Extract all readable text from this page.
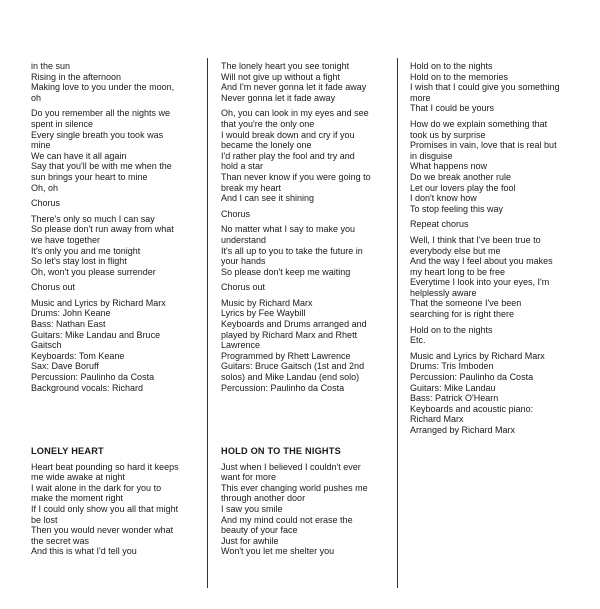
in the sun
Rising in the afternoon
Making love to you under the moon,
oh

Do you remember all the nights we
spent in silence
Every single breath you took was
mine
We can have it all again
Say that you'll be with me when the
sun brings your heart to mine
Oh, oh

Chorus

There's only so much I can say
So please don't run away from what
we have together
It's only you and me tonight
So let's stay lost in flight
Oh, won't you please surrender

Chorus out

Music and Lyrics by Richard Marx
Drums: John Keane
Bass: Nathan East
Guitars: Mike Landau and Bruce
Gaitsch
Keyboards: Tom Keane
Sax: Dave Boruff
Percussion: Paulinho da Costa
Background vocals: Richard

LONELY HEART

Heart beat pounding so hard it keeps
me wide awake at night
I wait alone in the dark for you to
make the moment right
If I could only show you all that might
be lost
Then you would never wonder what
the secret was
And this is what I'd tell you

The lonely heart you see tonight
Will not give up without a fight
And I'm never gonna let it fade away
Never gonna let it fade away

Oh, you can look in my eyes and see
that you're the only one
I would break down and cry if you
became the lonely one
I'd rather play the fool and try and
hold a star
Than never know if you were going to
break my heart
And I can see it shining

Chorus

No matter what I say to make you
understand
It's all up to you to take the future in
your hands
So please don't keep me waiting

Chorus out

Music by Richard Marx
Lyrics by Fee Waybill
Keyboards and Drums arranged and
played by Richard Marx and Rhett
Lawrence
Programmed by Rhett Lawrence
Guitars: Bruce Gaitsch (1st and 2nd
solos) and Mike Landau (end solo)
Percussion: Paulinho da Costa

HOLD ON TO THE NIGHTS

Just when I believed I couldn't ever
want for more
This ever changing world pushes me
through another door
I saw you smile
And my mind could not erase the
beauty of your face
Just for awhile
Won't you let me shelter you

Hold on to the nights
Hold on to the memories
I wish that I could give you something
more
That I could be yours

How do we explain something that
took us by surprise
Promises in vain, love that is real but
in disguise
What happens now
Do we break another rule
Let our lovers play the fool
I don't know how
To stop feeling this way

Repeat chorus

Well, I think that I've been true to
everybody else but me
And the way I feel about you makes
my heart long to be free
Everytime I look into your eyes, I'm
helplessly aware
That the someone I've been
searching for is right there

Hold on to the nights
Etc.

Music and Lyrics by Richard Marx
Drums: Tris Imboden
Percussion: Paulinho da Costa
Guitars: Mike Landau
Bass: Patrick O'Hearn
Keyboards and acoustic piano:
Richard Marx
Arranged by Richard Marx
